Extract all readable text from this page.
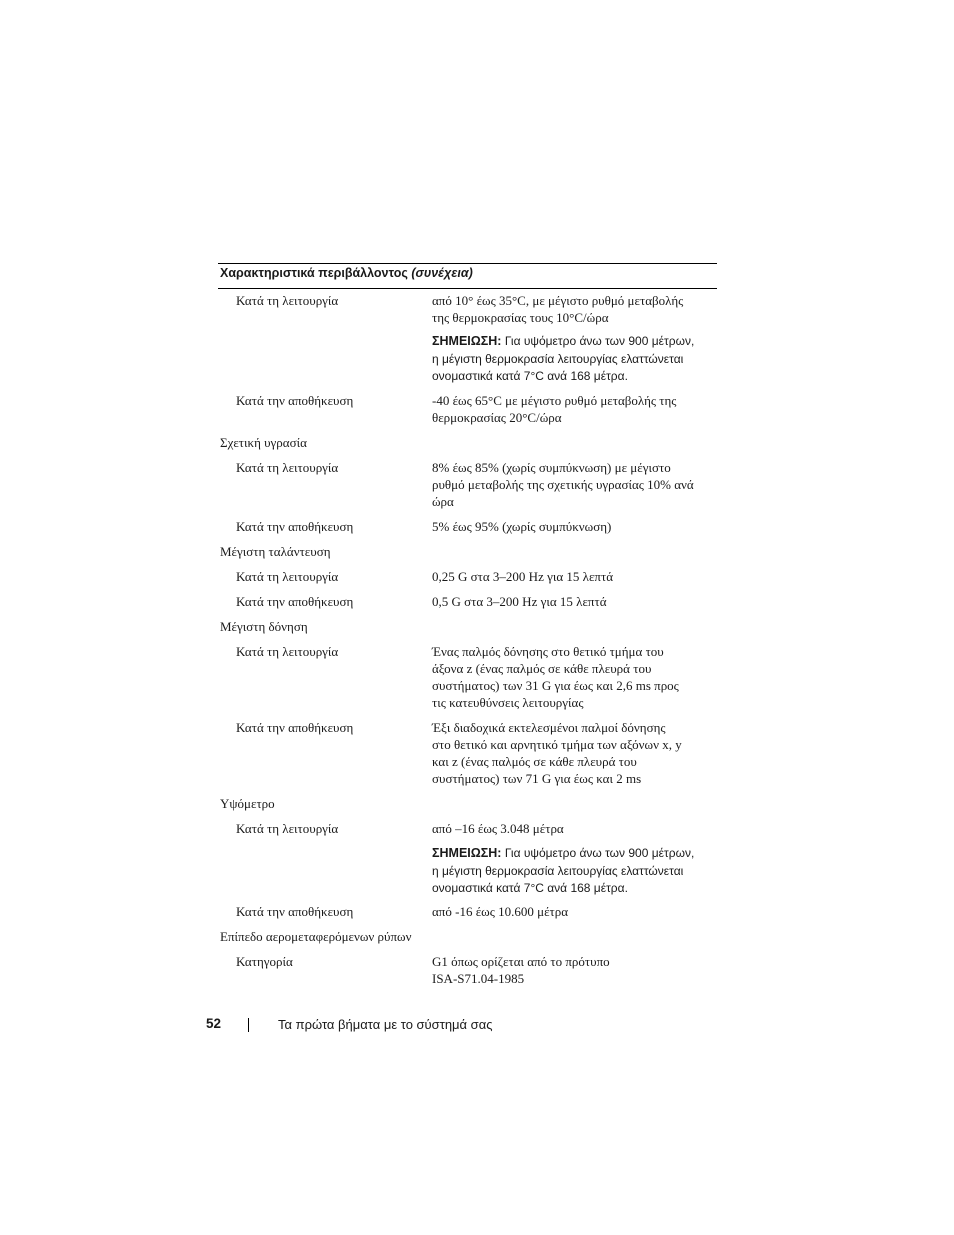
Χαρακτηριστικά περιβάλλοντος (συνέχεια)
Κατά τη λειτουργία	από 10° έως 35°C, με μέγιστο ρυθμό μεταβολής
της θερμοκρασίας τους 10°C/ώρα
ΣΗΜΕΙΩΣΗ: Για υψόμετρο άνω των 900 μέτρων,
η μέγιστη θερμοκρασία λειτουργίας ελαττώνεται
ονομαστικά κατά 7°C ανά 168 μέτρα.
Κατά την αποθήκευση	-40 έως 65°C με μέγιστο ρυθμό μεταβολής της
θερμοκρασίας 20°C/ώρα
Σχετική υγρασία
Κατά τη λειτουργία	8% έως 85% (χωρίς συμπύκνωση) με μέγιστο
ρυθμό μεταβολής της σχετικής υγρασίας 10% ανά
ώρα
Κατά την αποθήκευση	5% έως 95% (χωρίς συμπύκνωση)
Μέγιστη ταλάντευση
Κατά τη λειτουργία	0,25 G στα 3–200 Hz για 15 λεπτά
Κατά την αποθήκευση	0,5 G στα 3–200 Hz για 15 λεπτά
Μέγιστη δόνηση
Κατά τη λειτουργία	Ένας παλμός δόνησης στο θετικό τμήμα του
άξονα z (ένας παλμός σε κάθε πλευρά του
συστήματος) των 31 G για έως και 2,6 ms προς
τις κατευθύνσεις λειτουργίας
Κατά την αποθήκευση	Έξι διαδοχικά εκτελεσμένοι παλμοί δόνησης
στο θετικό και αρνητικό τμήμα των αξόνων x, y
και z (ένας παλμός σε κάθε πλευρά του
συστήματος) των 71 G για έως και 2 ms
Υψόμετρο
Κατά τη λειτουργία	από –16 έως 3.048 μέτρα
ΣΗΜΕΙΩΣΗ: Για υψόμετρο άνω των 900 μέτρων,
η μέγιστη θερμοκρασία λειτουργίας ελαττώνεται
ονομαστικά κατά 7°C ανά 168 μέτρα.
Κατά την αποθήκευση	από -16 έως 10.600 μέτρα
Επίπεδο αερομεταφερόμενων ρύπων
Κατηγορία	G1 όπως ορίζεται από το πρότυπο
ISA-S71.04-1985
52	Τα πρώτα βήματα με το σύστημά σας
